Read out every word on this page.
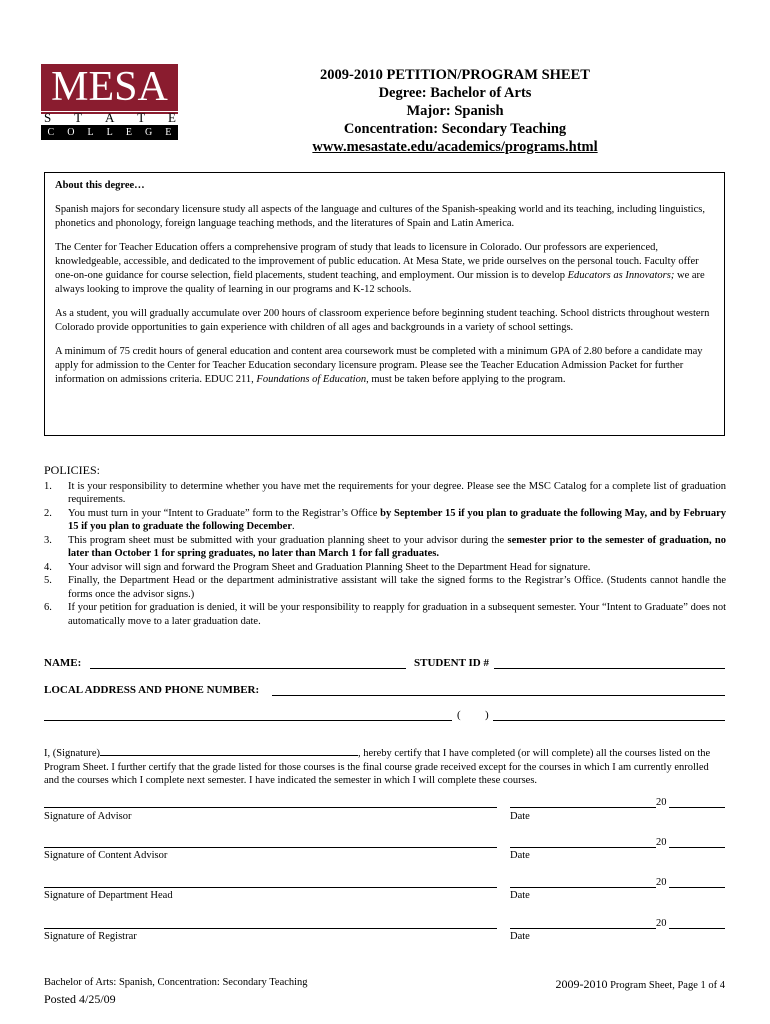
MESA
S T A T E
C O L L E G E
2009-2010 PETITION/PROGRAM SHEET
Degree: Bachelor of Arts
Major: Spanish
Concentration: Secondary Teaching
www.mesastate.edu/academics/programs.html
About this degree…

Spanish majors for secondary licensure study all aspects of the language and cultures of the Spanish-speaking world and its teaching, including linguistics, phonetics and phonology, foreign language teaching methods, and the literatures of Spain and Latin America.

The Center for Teacher Education offers a comprehensive program of study that leads to licensure in Colorado. Our professors are experienced, knowledgeable, accessible, and dedicated to the improvement of public education. At Mesa State, we pride ourselves on the personal touch. Faculty offer one-on-one guidance for course selection, field placements, student teaching, and employment. Our mission is to develop Educators as Innovators; we are always looking to improve the quality of learning in our programs and K-12 schools.

As a student, you will gradually accumulate over 200 hours of classroom experience before beginning student teaching. School districts throughout western Colorado provide opportunities to gain experience with children of all ages and backgrounds in a variety of school settings.

A minimum of 75 credit hours of general education and content area coursework must be completed with a minimum GPA of 2.80 before a candidate may apply for admission to the Center for Teacher Education secondary licensure program. Please see the Teacher Education Admission Packet for further information on admissions criteria. EDUC 211, Foundations of Education, must be taken before applying to the program.

POLICIES:
1.	It is your responsibility to determine whether you have met the requirements for your degree. Please see the MSC Catalog for a complete list of graduation requirements.
2.	You must turn in your “Intent to Graduate” form to the Registrar’s Office by September 15 if you plan to graduate the following May, and by February 15 if you plan to graduate the following December.
3.	This program sheet must be submitted with your graduation planning sheet to your advisor during the semester prior to the semester of graduation, no later than October 1 for spring graduates, no later than March 1 for fall graduates.
4.	Your advisor will sign and forward the Program Sheet and Graduation Planning Sheet to the Department Head for signature.
5.	Finally, the Department Head or the department administrative assistant will take the signed forms to the Registrar’s Office. (Students cannot handle the forms once the advisor signs.)
6.	If your petition for graduation is denied, it will be your responsibility to reapply for graduation in a subsequent semester. Your “Intent to Graduate” does not automatically move to a later graduation date.
NAME:	STUDENT ID #
LOCAL ADDRESS AND PHONE NUMBER:
( )
I, (Signature)	, hereby certify that I have completed (or will complete) all the courses listed on the Program Sheet. I further certify that the grade listed for those courses is the final course grade received except for the courses in which I am currently enrolled and the courses which I complete next semester. I have indicated the semester in which I will complete these courses.
Signature of Advisor
20
Date
Signature of Content Advisor
20
Date
Signature of Department Head
20
Date
Signature of Registrar
20
Date
Bachelor of Arts: Spanish, Concentration: Secondary Teaching
Posted 4/25/09
2009-2010 Program Sheet, Page 1 of 4
